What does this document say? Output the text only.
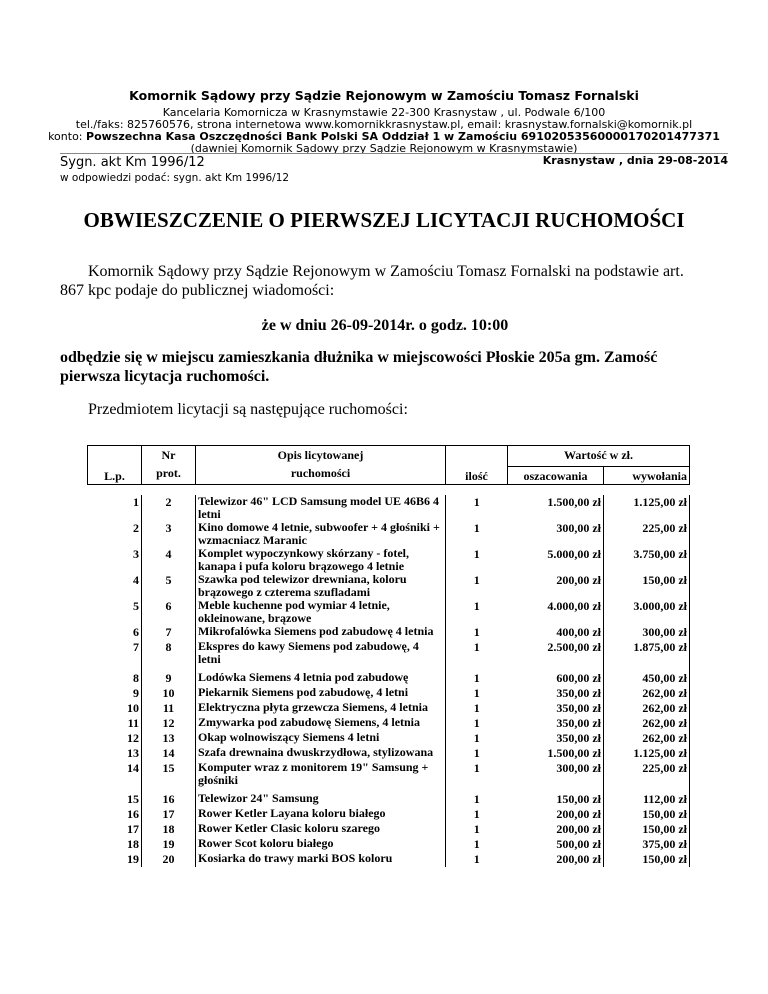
Komornik Sądowy przy Sądzie Rejonowym w Zamościu Tomasz Fornalski
Kancelaria Komornicza w Krasnymstawie 22-300 Krasnystaw , ul. Podwale 6/100
tel./faks: 825760576, strona internetowa www.komornikkrasnystaw.pl, email: krasnystaw.fornalski@komornik.pl
konto: Powszechna Kasa Oszczędności Bank Polski SA Oddział 1 w Zamościu 69102053560000170201477371
(dawniej Komornik Sądowy przy Sądzie Rejonowym w Krasnymstawie)
Sygn. akt Km 1996/12	Krasnystaw , dnia 29-08-2014
w odpowiedzi podać: sygn. akt Km 1996/12
OBWIESZCZENIE O PIERWSZEJ LICYTACJI RUCHOMOŚCI
Komornik Sądowy przy Sądzie Rejonowym w Zamościu Tomasz Fornalski na podstawie art. 867 kpc podaje do publicznej wiadomości:
że w dniu 26-09-2014r. o godz. 10:00
odbędzie się w miejscu zamieszkania dłużnika w miejscowości Płoskie 205a gm. Zamość pierwsza licytacja ruchomości.
Przedmiotem licytacji są następujące ruchomości:
L.p.	Nr	Opis licytowanej	ilość	Wartość w zł.	
	prot.	ruchomości		oszacowania	wywołania

1	2	Telewizor 46" LCD Samsung model UE 46B6 4 letni	1	1.500,00 zł	1.125,00 zł
2	3	Kino domowe 4 letnie, subwoofer + 4 głośniki + wzmacniacz Maranic	1	300,00 zł	225,00 zł
3	4	Komplet wypoczynkowy skórzany - fotel, kanapa i pufa koloru brązowego 4 letnie	1	5.000,00 zł	3.750,00 zł
4	5	Szawka pod telewizor drewniana, koloru brązowego z czterema szufladami	1	200,00 zł	150,00 zł
5	6	Meble kuchenne pod wymiar 4 letnie, okleinowane, brązowe	1	4.000,00 zł	3.000,00 zł
6	7	Mikrofalówka Siemens pod zabudowę 4 letnia	1	400,00 zł	300,00 zł
7	8	Ekspres do kawy Siemens pod zabudowę, 4 letni	1	2.500,00 zł	1.875,00 zł

8	9	Lodówka Siemens 4 letnia pod zabudowę	1	600,00 zł	450,00 zł
9	10	Piekarnik Siemens pod zabudowę, 4 letni	1	350,00 zł	262,00 zł
10	11	Elektryczna płyta grzewcza Siemens, 4 letnia	1	350,00 zł	262,00 zł
11	12	Zmywarka pod zabudowę Siemens, 4 letnia	1	350,00 zł	262,00 zł
12	13	Okap wolnowiszący Siemens 4 letni	1	350,00 zł	262,00 zł
13	14	Szafa drewnaina dwuskrzydłowa, stylizowana	1	1.500,00 zł	1.125,00 zł
14	15	Komputer wraz z monitorem 19" Samsung + głośniki	1	300,00 zł	225,00 zł

15	16	Telewizor 24" Samsung	1	150,00 zł	112,00 zł
16	17	Rower Ketler Layana koloru białego	1	200,00 zł	150,00 zł
17	18	Rower Ketler Clasic koloru szarego	1	200,00 zł	150,00 zł
18	19	Rower Scot koloru białego	1	500,00 zł	375,00 zł
19	20	Kosiarka do trawy marki BOS koloru	1	200,00 zł	150,00 zł
